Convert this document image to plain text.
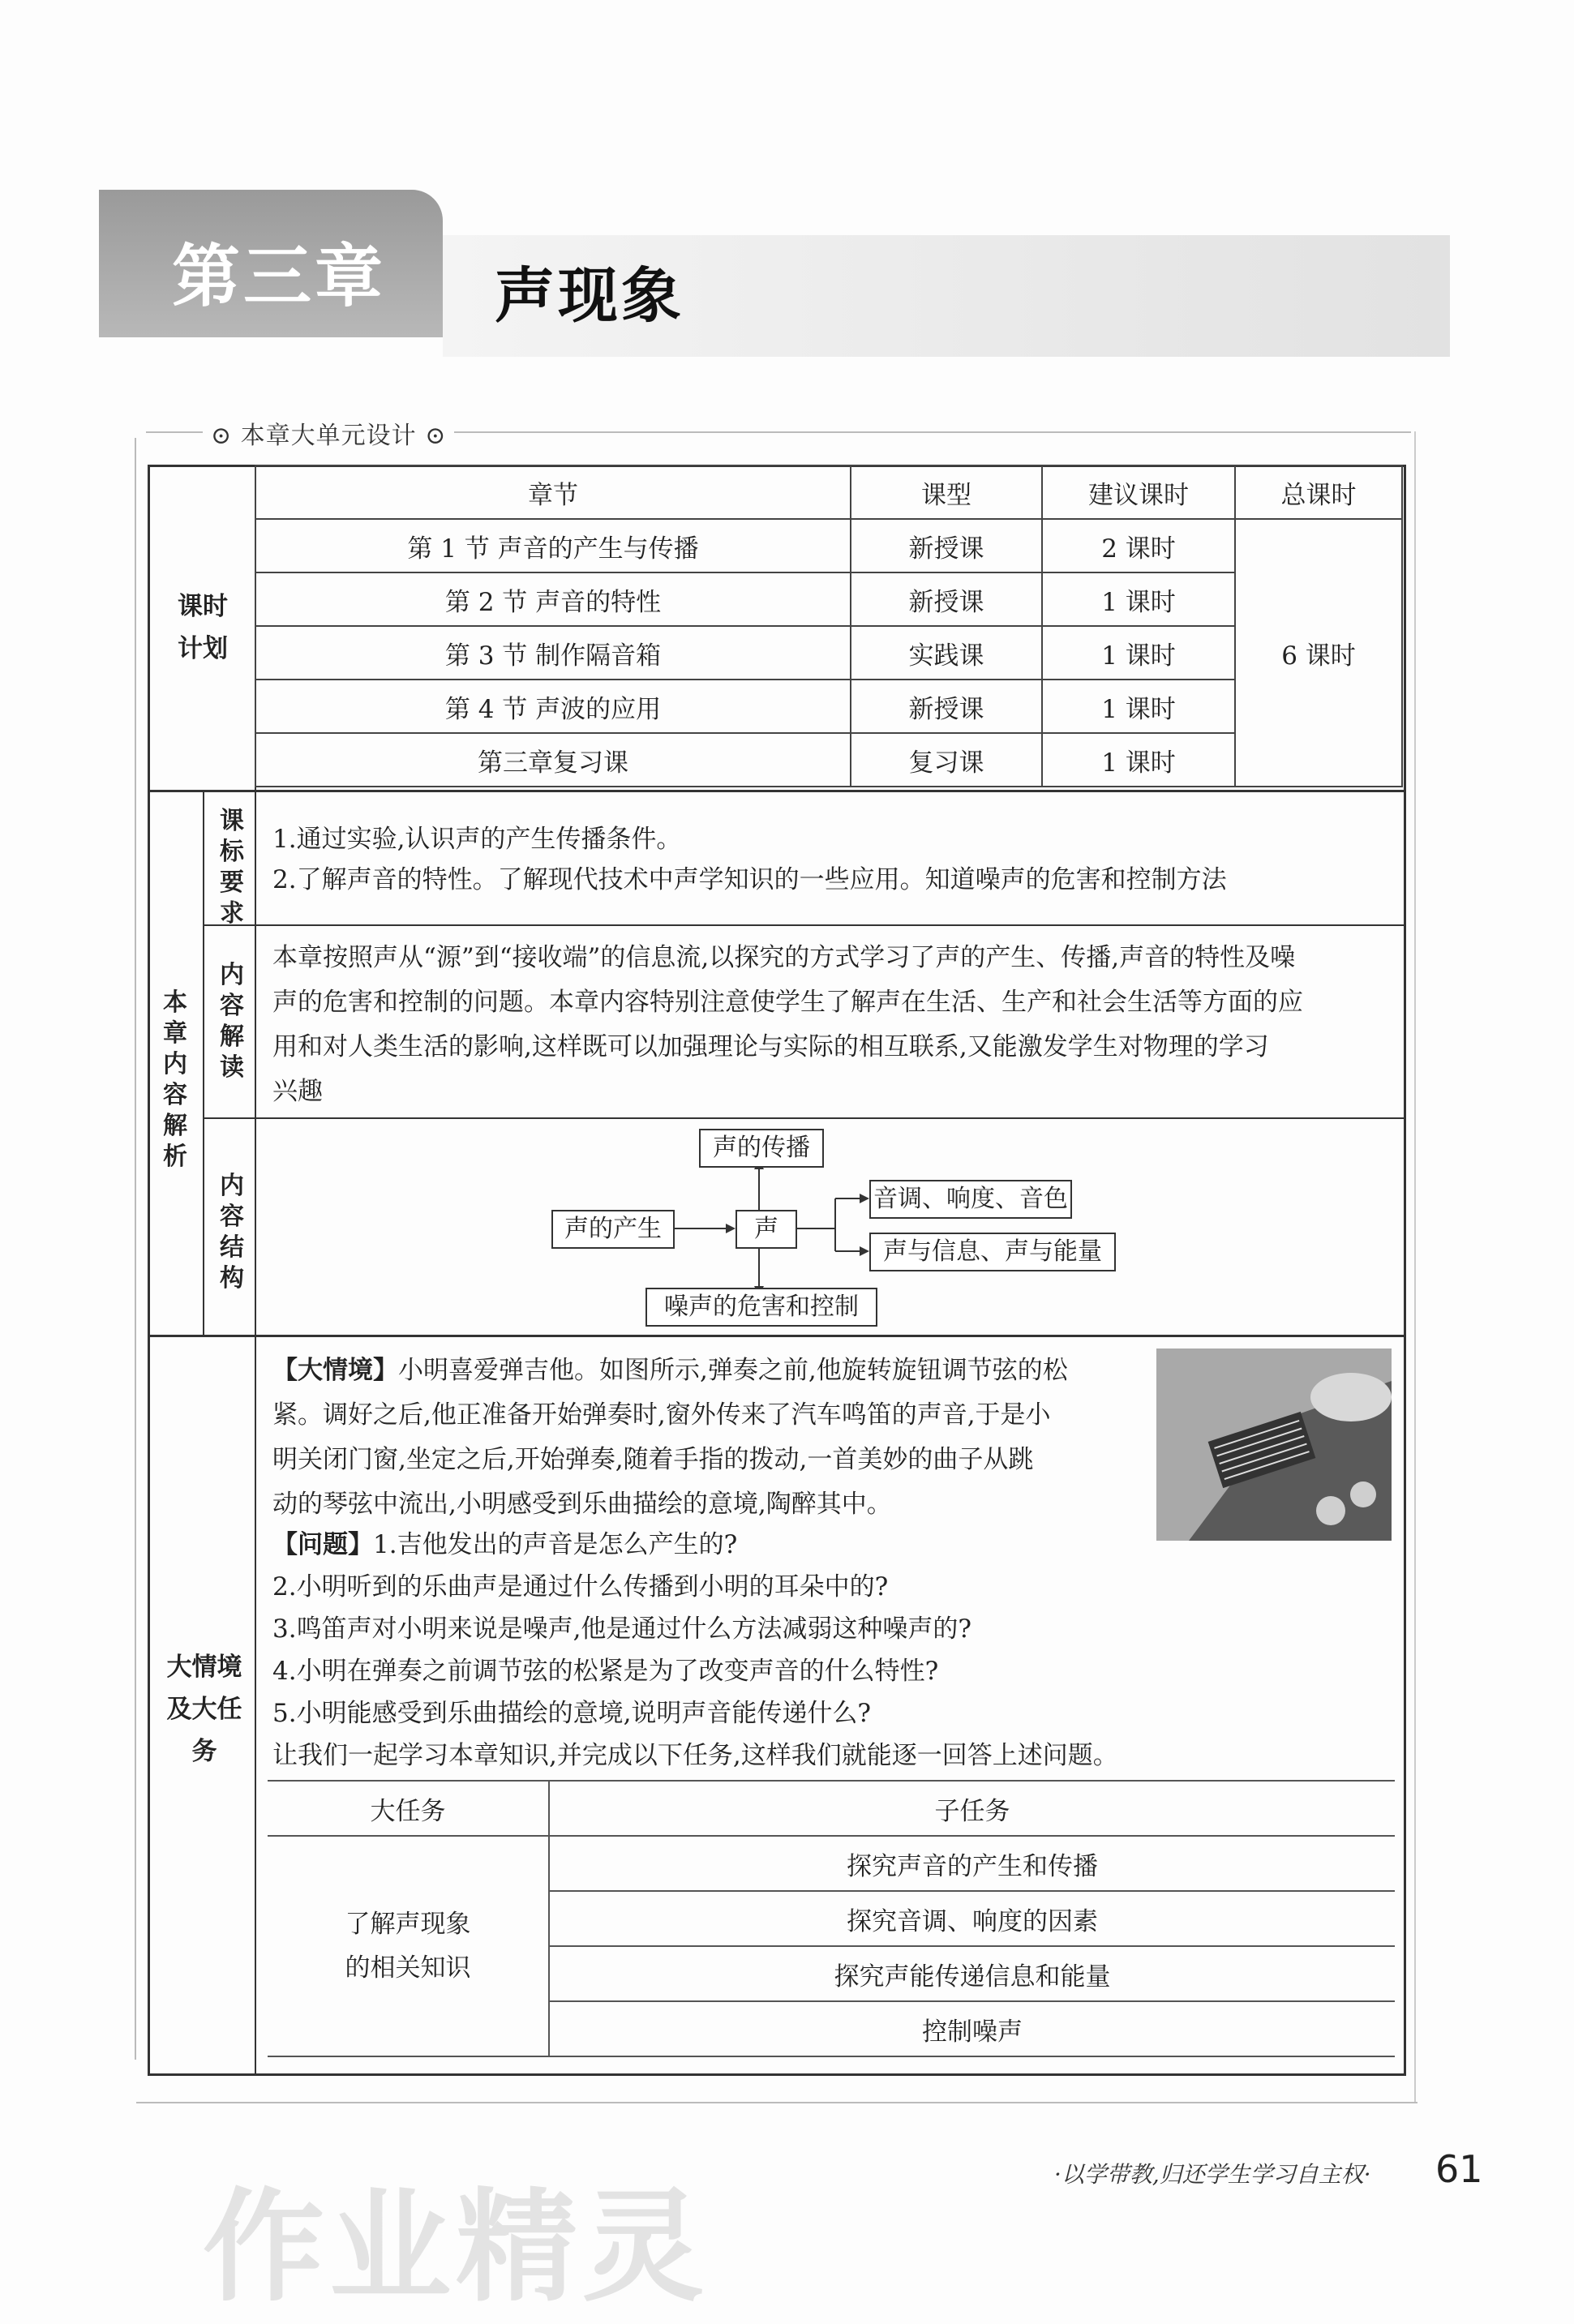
第三章 声现象
⊙ 本章大单元设计 ⊙
课时计划
章节	课型	建议课时	总课时
第 1 节 声音的产生与传播	新授课	2 课时	6 课时
第 2 节 声音的特性	新授课	1 课时	
第 3 节 制作隔音箱	实践课	1 课时	
第 4 节 声波的应用	新授课	1 课时	
第三章复习课	复习课	1 课时	
本章内容解析
课标要求
1.通过实验,认识声的产生传播条件。
2.了解声音的特性。了解现代技术中声学知识的一些应用。知道噪声的危害和控制方法
内容解读
本章按照声从“源”到“接收端”的信息流,以探究的方式学习了声的产生、传播,声音的特性及噪
声的危害和控制的问题。本章内容特别注意使学生了解声在生活、生产和社会生活等方面的应
用和对人类生活的影响,这样既可以加强理论与实际的相互联系,又能激发学生对物理的学习
兴趣
内容结构
声的传播
声的产生	声
音调、响度、音色
声与信息、声与能量
噪声的危害和控制
大情境及大任务
【大情境】小明喜爱弹吉他。如图所示,弹奏之前,他旋转旋钮调节弦的松
紧。调好之后,他正准备开始弹奏时,窗外传来了汽车鸣笛的声音,于是小
明关闭门窗,坐定之后,开始弹奏,随着手指的拨动,一首美妙的曲子从跳
动的琴弦中流出,小明感受到乐曲描绘的意境,陶醉其中。
【问题】1.吉他发出的声音是怎么产生的?
2.小明听到的乐曲声是通过什么传播到小明的耳朵中的?
3.鸣笛声对小明来说是噪声,他是通过什么方法减弱这种噪声的?
4.小明在弹奏之前调节弦的松紧是为了改变声音的什么特性?
5.小明能感受到乐曲描绘的意境,说明声音能传递什么?
让我们一起学习本章知识,并完成以下任务,这样我们就能逐一回答上述问题。
大任务	子任务

了解声现象
的相关知识	探究声音的产生和传播
	探究音调、响度的因素
	探究声能传递信息和能量
	控制噪声
作业精灵
·以学带教,归还学生学习自主权· 61
